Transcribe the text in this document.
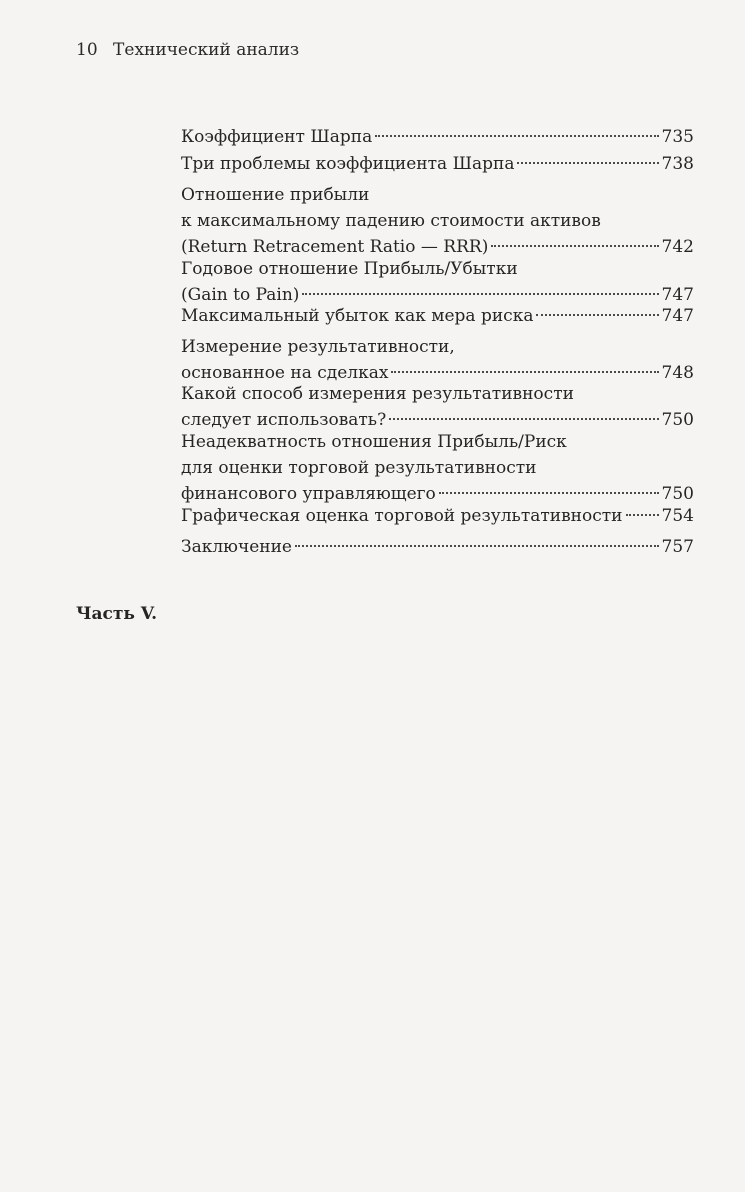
10 Технический анализ
Коэффициент Шарпа	735
Три проблемы коэффициента Шарпа	738
Отношение прибыли
к максимальному падению стоимости активов
(Return Retracement Ratio — RRR)	742
Годовое отношение Прибыль/Убытки
(Gain to Pain)	747
Максимальный убыток как мера риска	747
Измерение результативности,
основанное на сделках	748
Какой способ измерения результативности
следует использовать?	750
Неадекватность отношения Прибыль/Риск
для оценки торговой результативности
финансового управляющего	750
Графическая оценка торговой результативности 754
Заключение	757
Часть V.
